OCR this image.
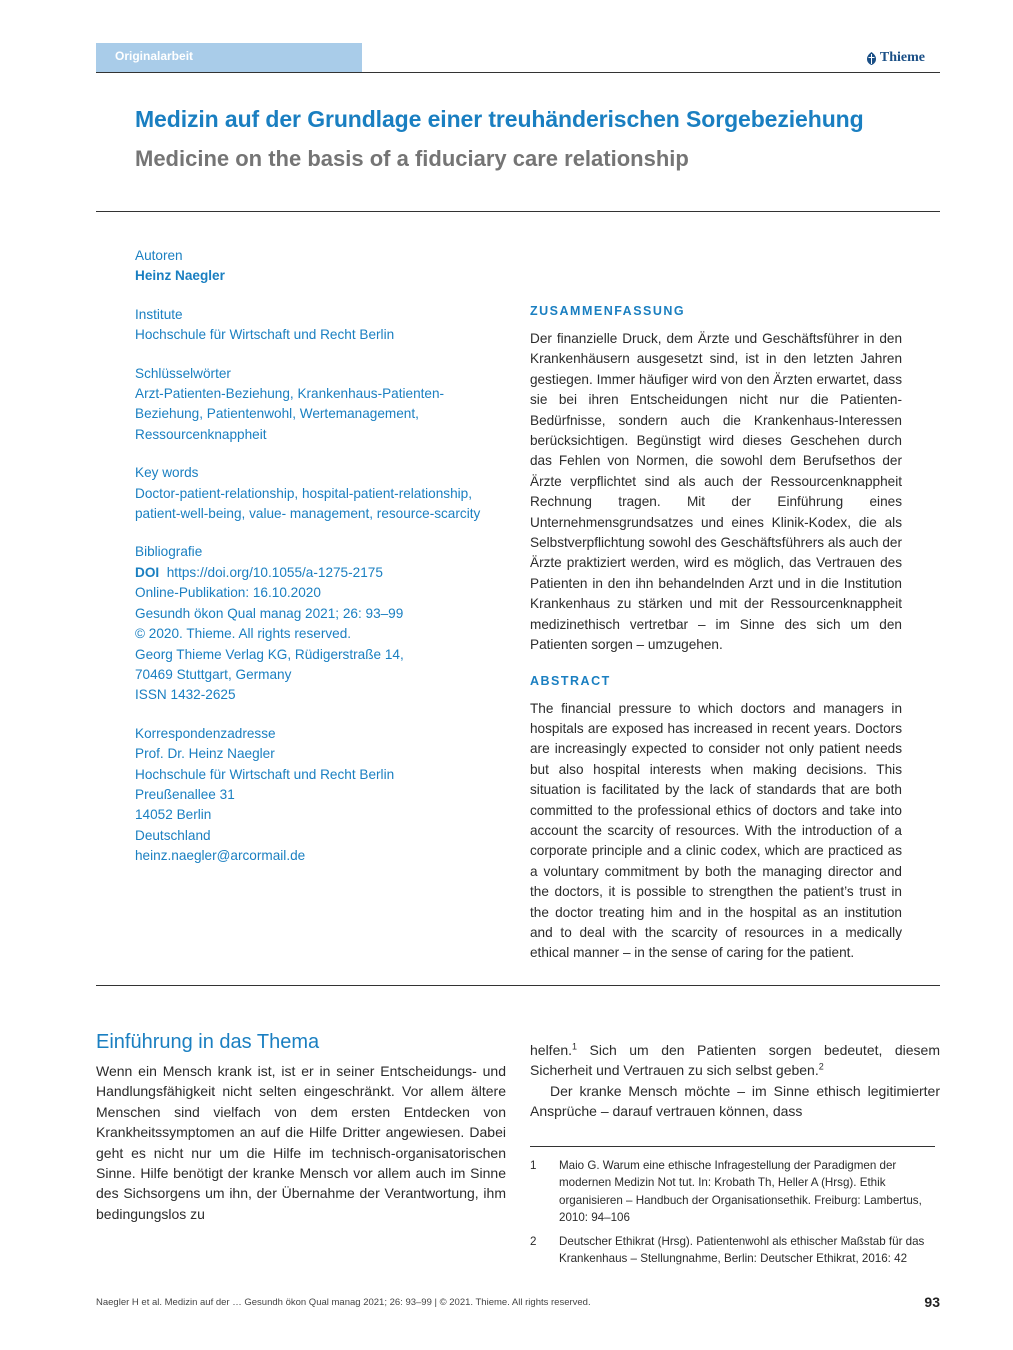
Originalarbeit	Thieme
Medizin auf der Grundlage einer treuhänderischen Sorgebeziehung
Medicine on the basis of a fiduciary care relationship
Autoren
Heinz Naegler
Institute
Hochschule für Wirtschaft und Recht Berlin
Schlüsselwörter
Arzt-Patienten-Beziehung, Krankenhaus-Patienten-
Beziehung, Patientenwohl, Wertemanagement,
Ressourcenknappheit
Key words
Doctor-patient-relationship, hospital-patient-relationship,
patient-well-being, value- management, resource-scarcity
Bibliografie
DOI https://doi.org/10.1055/a-1275-2175
Online-Publikation: 16.10.2020
Gesundh ökon Qual manag 2021; 26: 93–99
© 2020. Thieme. All rights reserved.
Georg Thieme Verlag KG, Rüdigerstraße 14,
70469 Stuttgart, Germany
ISSN 1432-2625
Korrespondenzadresse
Prof. Dr. Heinz Naegler
Hochschule für Wirtschaft und Recht Berlin
Preußenallee 31
14052 Berlin
Deutschland
heinz.naegler@arcormail.de
ZUSAMMENFASSUNG

Der finanzielle Druck, dem Ärzte und Geschäftsführer in den Krankenhäusern ausgesetzt sind, ist in den letzten Jahren gestiegen. Immer häufiger wird von den Ärzten erwartet, dass sie bei ihren Entscheidungen nicht nur die Patienten-Bedürfnisse, sondern auch die Krankenhaus-Interessen berücksichtigen. Begünstigt wird dieses Geschehen durch das Fehlen von Normen, die sowohl dem Berufsethos der Ärzte verpflichtet sind als auch der Ressourcenknappheit Rechnung tragen. Mit der Einführung eines Unternehmensgrundsatzes und eines Klinik-Kodex, die als Selbstverpflichtung sowohl des Geschäftsführers als auch der Ärzte praktiziert werden, wird es möglich, das Vertrauen des Patienten in den ihn behandelnden Arzt und in die Institution Krankenhaus zu stärken und mit der Ressourcenknappheit medizinethisch vertretbar – im Sinne des sich um den Patienten sorgen – umzugehen.

ABSTRACT

The financial pressure to which doctors and managers in hospitals are exposed has increased in recent years. Doctors are increasingly expected to consider not only patient needs but also hospital interests when making decisions. This situation is facilitated by the lack of standards that are both committed to the professional ethics of doctors and take into account the scarcity of resources. With the introduction of a corporate principle and a clinic codex, which are practiced as a voluntary commitment by both the managing director and the doctors, it is possible to strengthen the patient’s trust in the doctor treating him and in the hospital as an institution and to deal with the scarcity of resources in a medically ethical manner – in the sense of caring for the patient.

Einführung in das Thema
Wenn ein Mensch krank ist, ist er in seiner Entscheidungs- und Handlungsfähigkeit nicht selten eingeschränkt. Vor allem ältere Menschen sind vielfach von dem ersten Entdecken von Krankheitssymptomen an auf die Hilfe Dritter angewiesen. Dabei geht es nicht nur um die Hilfe im technisch-organisatorischen Sinne. Hilfe benötigt der kranke Mensch vor allem auch im Sinne des Sichsorgens um ihn, der Übernahme der Verantwortung, ihm bedingungslos zu
helfen.$^1$ Sich um den Patienten sorgen bedeutet, diesem Sicherheit und Vertrauen zu sich selbst geben.$^2$
Der kranke Mensch möchte – im Sinne ethisch legitimierter Ansprüche – darauf vertrauen können, dass
1	Maio G. Warum eine ethische Infragestellung der Paradigmen der modernen Medizin Not tut. In: Krobath Th, Heller A (Hrsg). Ethik organisieren – Handbuch der Organisationsethik. Freiburg: Lambertus, 2010: 94–106
2	Deutscher Ethikrat (Hrsg). Patientenwohl als ethischer Maßstab für das Krankenhaus – Stellungnahme, Berlin: Deutscher Ethikrat, 2016: 42
Naegler H et al. Medizin auf der … Gesundh ökon Qual manag 2021; 26: 93–99 | © 2021. Thieme. All rights reserved.	93
